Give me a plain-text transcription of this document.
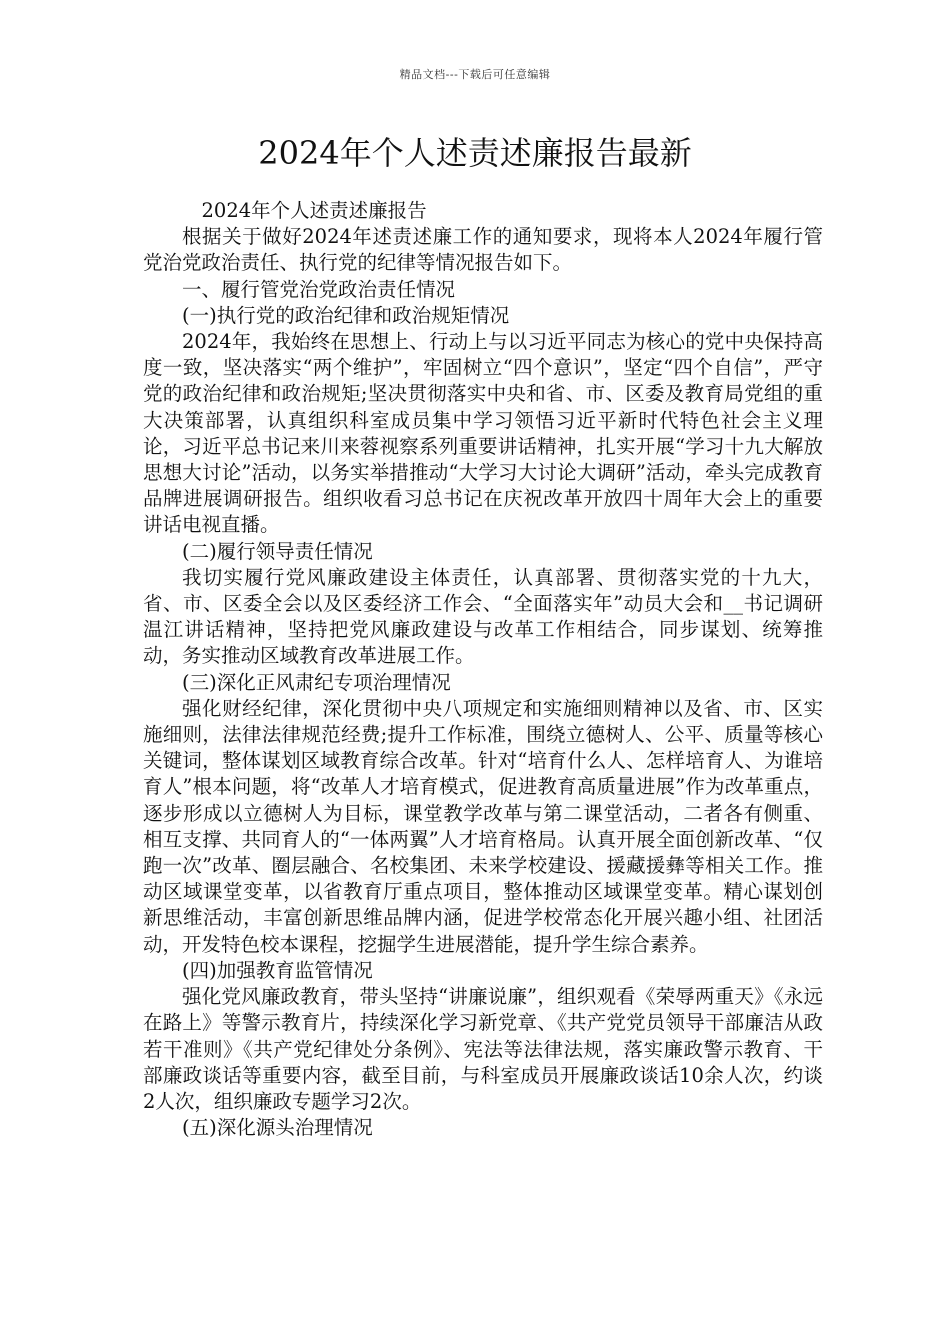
精品文档---下载后可任意编辑
2024年个人述责述廉报告最新

2024年个人述责述廉报告

根据关于做好2024年述责述廉工作的通知要求，现将本人2024年履行管党治党政治责任、执行党的纪律等情况报告如下。

一、履行管党治党政治责任情况

(一)执行党的政治纪律和政治规矩情况

2024年，我始终在思想上、行动上与以习近平同志为核心的党中央保持高度一致，坚决落实“两个维护”，牢固树立“四个意识”，坚定“四个自信”，严守党的政治纪律和政治规矩;坚决贯彻落实中央和省、市、区委及教育局党组的重大决策部署，认真组织科室成员集中学习领悟习近平新时代特色社会主义理论，习近平总书记来川来蓉视察系列重要讲话精神，扎实开展“学习十九大解放思想大讨论”活动，以务实举措推动“大学习大讨论大调研”活动，牵头完成教育品牌进展调研报告。组织收看习总书记在庆祝改革开放四十周年大会上的重要讲话电视直播。

(二)履行领导责任情况

我切实履行党风廉政建设主体责任，认真部署、贯彻落实党的十九大，省、市、区委全会以及区委经济工作会、“全面落实年”动员大会和__书记调研温江讲话精神，坚持把党风廉政建设与改革工作相结合，同步谋划、统筹推动，务实推动区域教育改革进展工作。

(三)深化正风肃纪专项治理情况

强化财经纪律，深化贯彻中央八项规定和实施细则精神以及省、市、区实施细则，法律法律规范经费;提升工作标准，围绕立德树人、公平、质量等核心关键词，整体谋划区域教育综合改革。针对“培育什么人、怎样培育人、为谁培育人”根本问题，将“改革人才培育模式，促进教育高质量进展”作为改革重点，逐步形成以立德树人为目标，课堂教学改革与第二课堂活动，二者各有侧重、相互支撑、共同育人的“一体两翼”人才培育格局。认真开展全面创新改革、“仅跑一次”改革、圈层融合、名校集团、未来学校建设、援藏援彝等相关工作。推动区域课堂变革，以省教育厅重点项目，整体推动区域课堂变革。精心谋划创新思维活动，丰富创新思维品牌内涵，促进学校常态化开展兴趣小组、社团活动，开发特色校本课程，挖掘学生进展潜能，提升学生综合素养。

(四)加强教育监管情况

强化党风廉政教育，带头坚持“讲廉说廉”，组织观看《荣辱两重天》《永远在路上》等警示教育片，持续深化学习新党章、《共产党党员领导干部廉洁从政若干准则》《共产党纪律处分条例》、宪法等法律法规，落实廉政警示教育、干部廉政谈话等重要内容，截至目前，与科室成员开展廉政谈话10余人次，约谈2人次，组织廉政专题学习2次。

(五)深化源头治理情况
